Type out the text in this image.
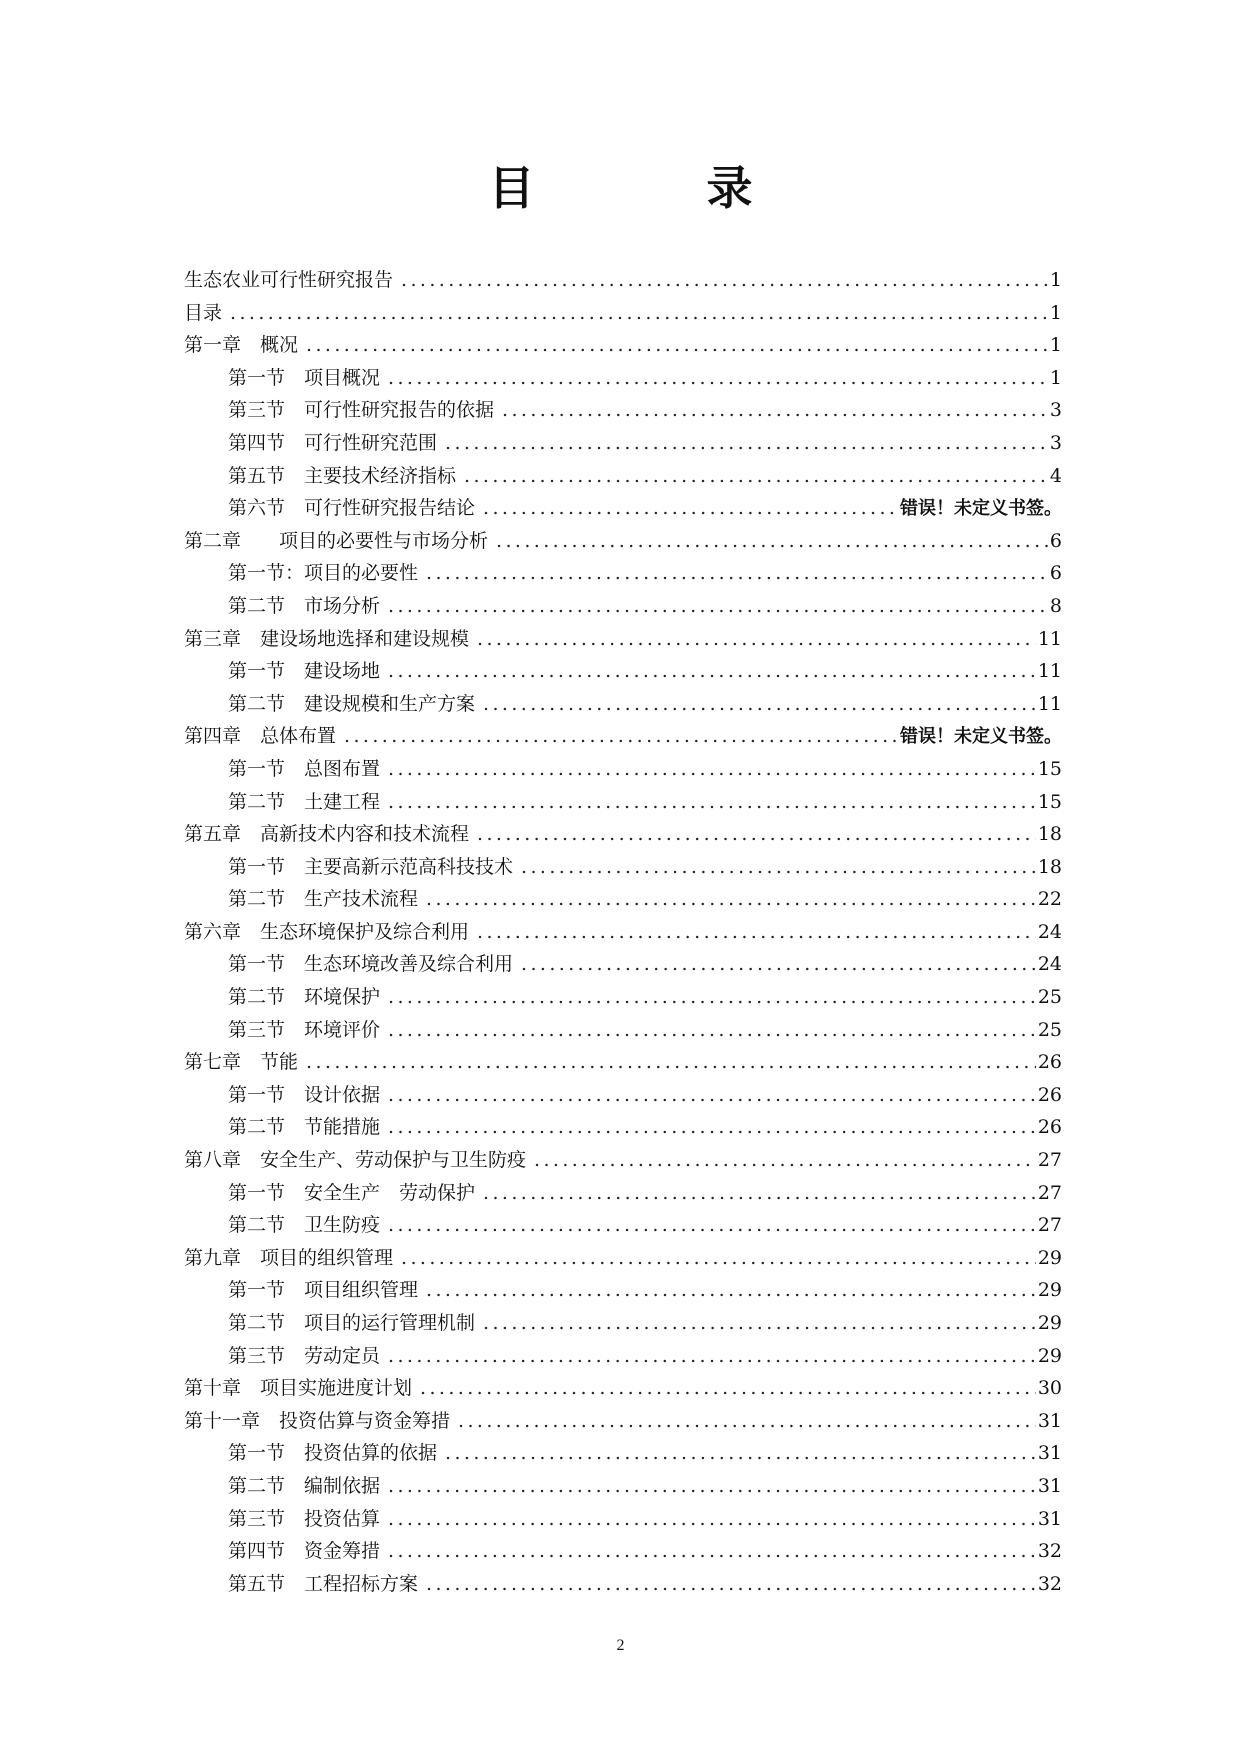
目 录
生态农业可行性研究报告 .....	1
目录 .....	1
第一章　概况 .....	1
第一节　项目概况 .....	1
第三节　可行性研究报告的依据 .....	3
第四节　可行性研究范围 .....	3
第五节　主要技术经济指标 .....	4
第六节　可行性研究报告结论 .....	错误！未定义书签。
第二章　　项目的必要性与市场分析 .....	6
第一节：项目的必要性 .....	6
第二节　市场分析 .....	8
第三章　建设场地选择和建设规模 .....	11
第一节　建设场地 .....	11
第二节　建设规模和生产方案 .....	11
第四章　总体布置 .....	错误！未定义书签。
第一节　总图布置 .....	15
第二节　土建工程 .....	15
第五章　高新技术内容和技术流程 .....	18
第一节　主要高新示范高科技技术 .....	18
第二节　生产技术流程 .....	22
第六章　生态环境保护及综合利用 .....	24
第一节　生态环境改善及综合利用 .....	24
第二节　环境保护 .....	25
第三节　环境评价 .....	25
第七章　节能 .....	26
第一节　设计依据 .....	26
第二节　节能措施 .....	26
第八章　安全生产、劳动保护与卫生防疫 .....	27
第一节　安全生产　劳动保护 .....	27
第二节　卫生防疫 .....	27
第九章　项目的组织管理 .....	29
第一节　项目组织管理 .....	29
第二节　项目的运行管理机制 .....	29
第三节　劳动定员 .....	29
第十章　项目实施进度计划 .....	30
第十一章　投资估算与资金筹措 .....	31
第一节　投资估算的依据 .....	31
第二节　编制依据 .....	31
第三节　投资估算 .....	31
第四节　资金筹措 .....	32
第五节　工程招标方案 .....	32
2
